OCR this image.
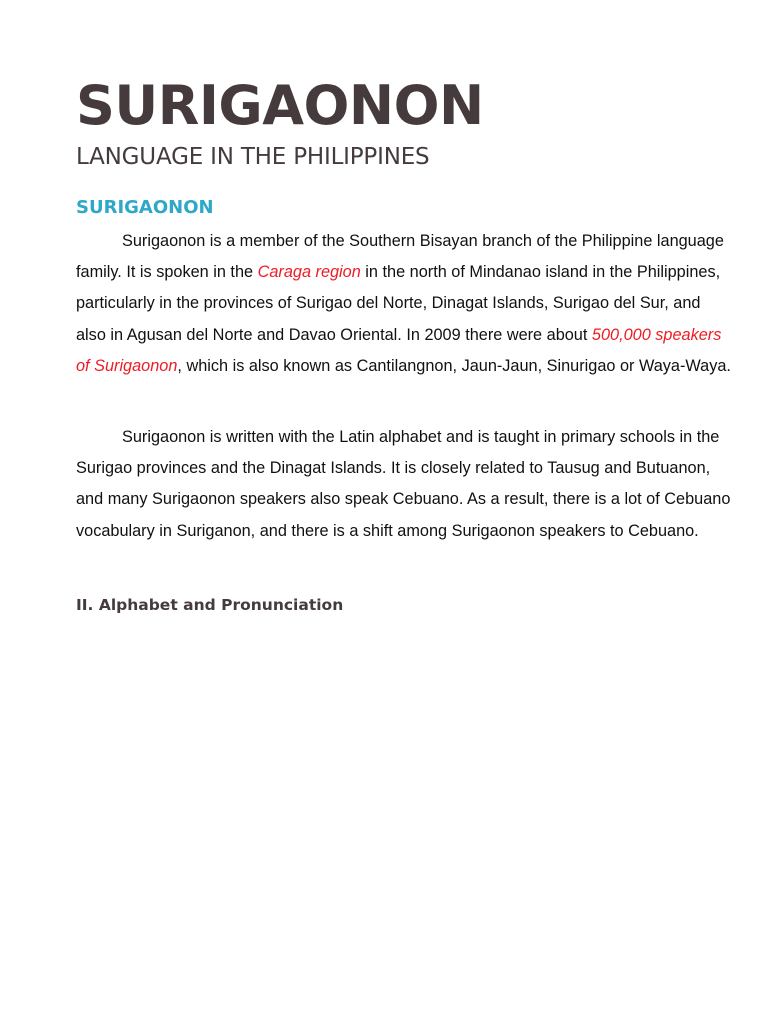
SURIGAONON
LANGUAGE IN THE PHILIPPINES
SURIGAONON

Surigaonon is a member of the Southern Bisayan branch of the Philippine language family. It is spoken in the Caraga region in the north of Mindanao island in the Philippines, particularly in the provinces of Surigao del Norte, Dinagat Islands, Surigao del Sur, and also in Agusan del Norte and Davao Oriental. In 2009 there were about 500,000 speakers of Surigaonon, which is also known as Cantilangnon, Jaun-Jaun, Sinurigao or Waya-Waya.

Surigaonon is written with the Latin alphabet and is taught in primary schools in the Surigao provinces and the Dinagat Islands. It is closely related to Tausug and Butuanon, and many Surigaonon speakers also speak Cebuano. As a result, there is a lot of Cebuano vocabulary in Suriganon, and there is a shift among Surigaonon speakers to Cebuano.

II. Alphabet and Pronunciation
